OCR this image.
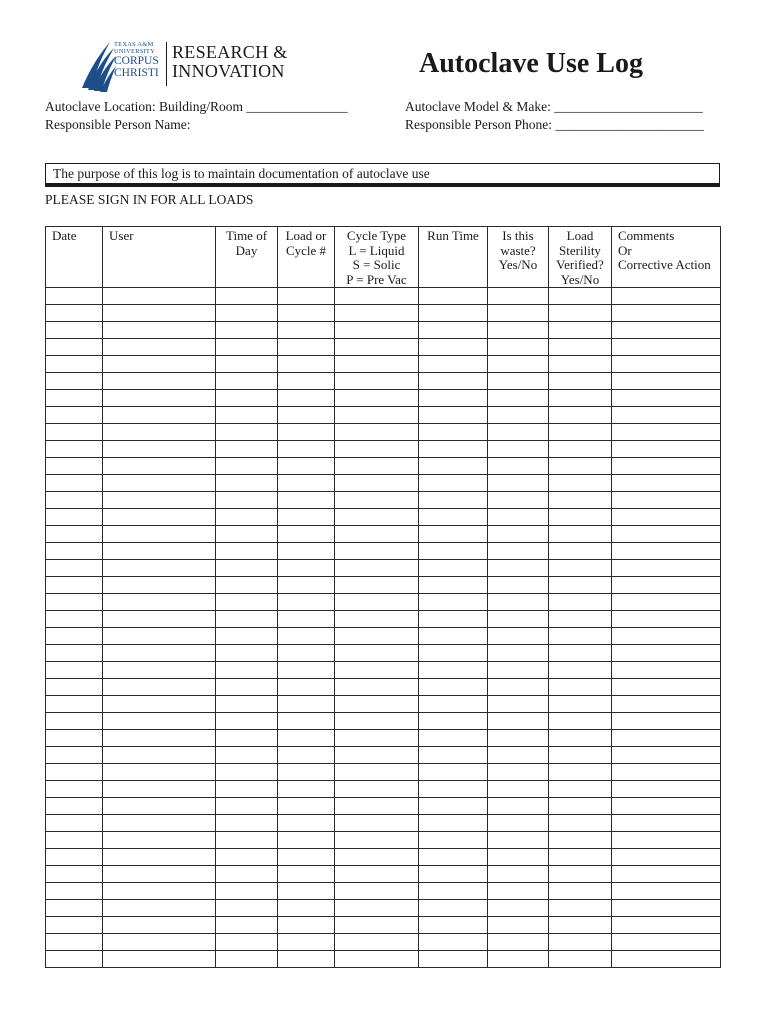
TEXAS A&M UNIVERSITY
CORPUS CHRISTI
RESEARCH &
INNOVATION	Autoclave Use Log
Autoclave Location: Building/Room _______________
Responsible Person Name:
Autoclave Model & Make: ______________________
Responsible Person Phone: ______________________
The purpose of this log is to maintain documentation of autoclave use
PLEASE SIGN IN FOR ALL LOADS
Date	User	Time of
Day	Load or
Cycle #	Cycle Type
L = Liquid
S = Solic
P = Pre Vac	Run Time	Is this
waste?
Yes/No	Load
Sterility
Verified?
Yes/No	Comments
Or
Corrective Action
